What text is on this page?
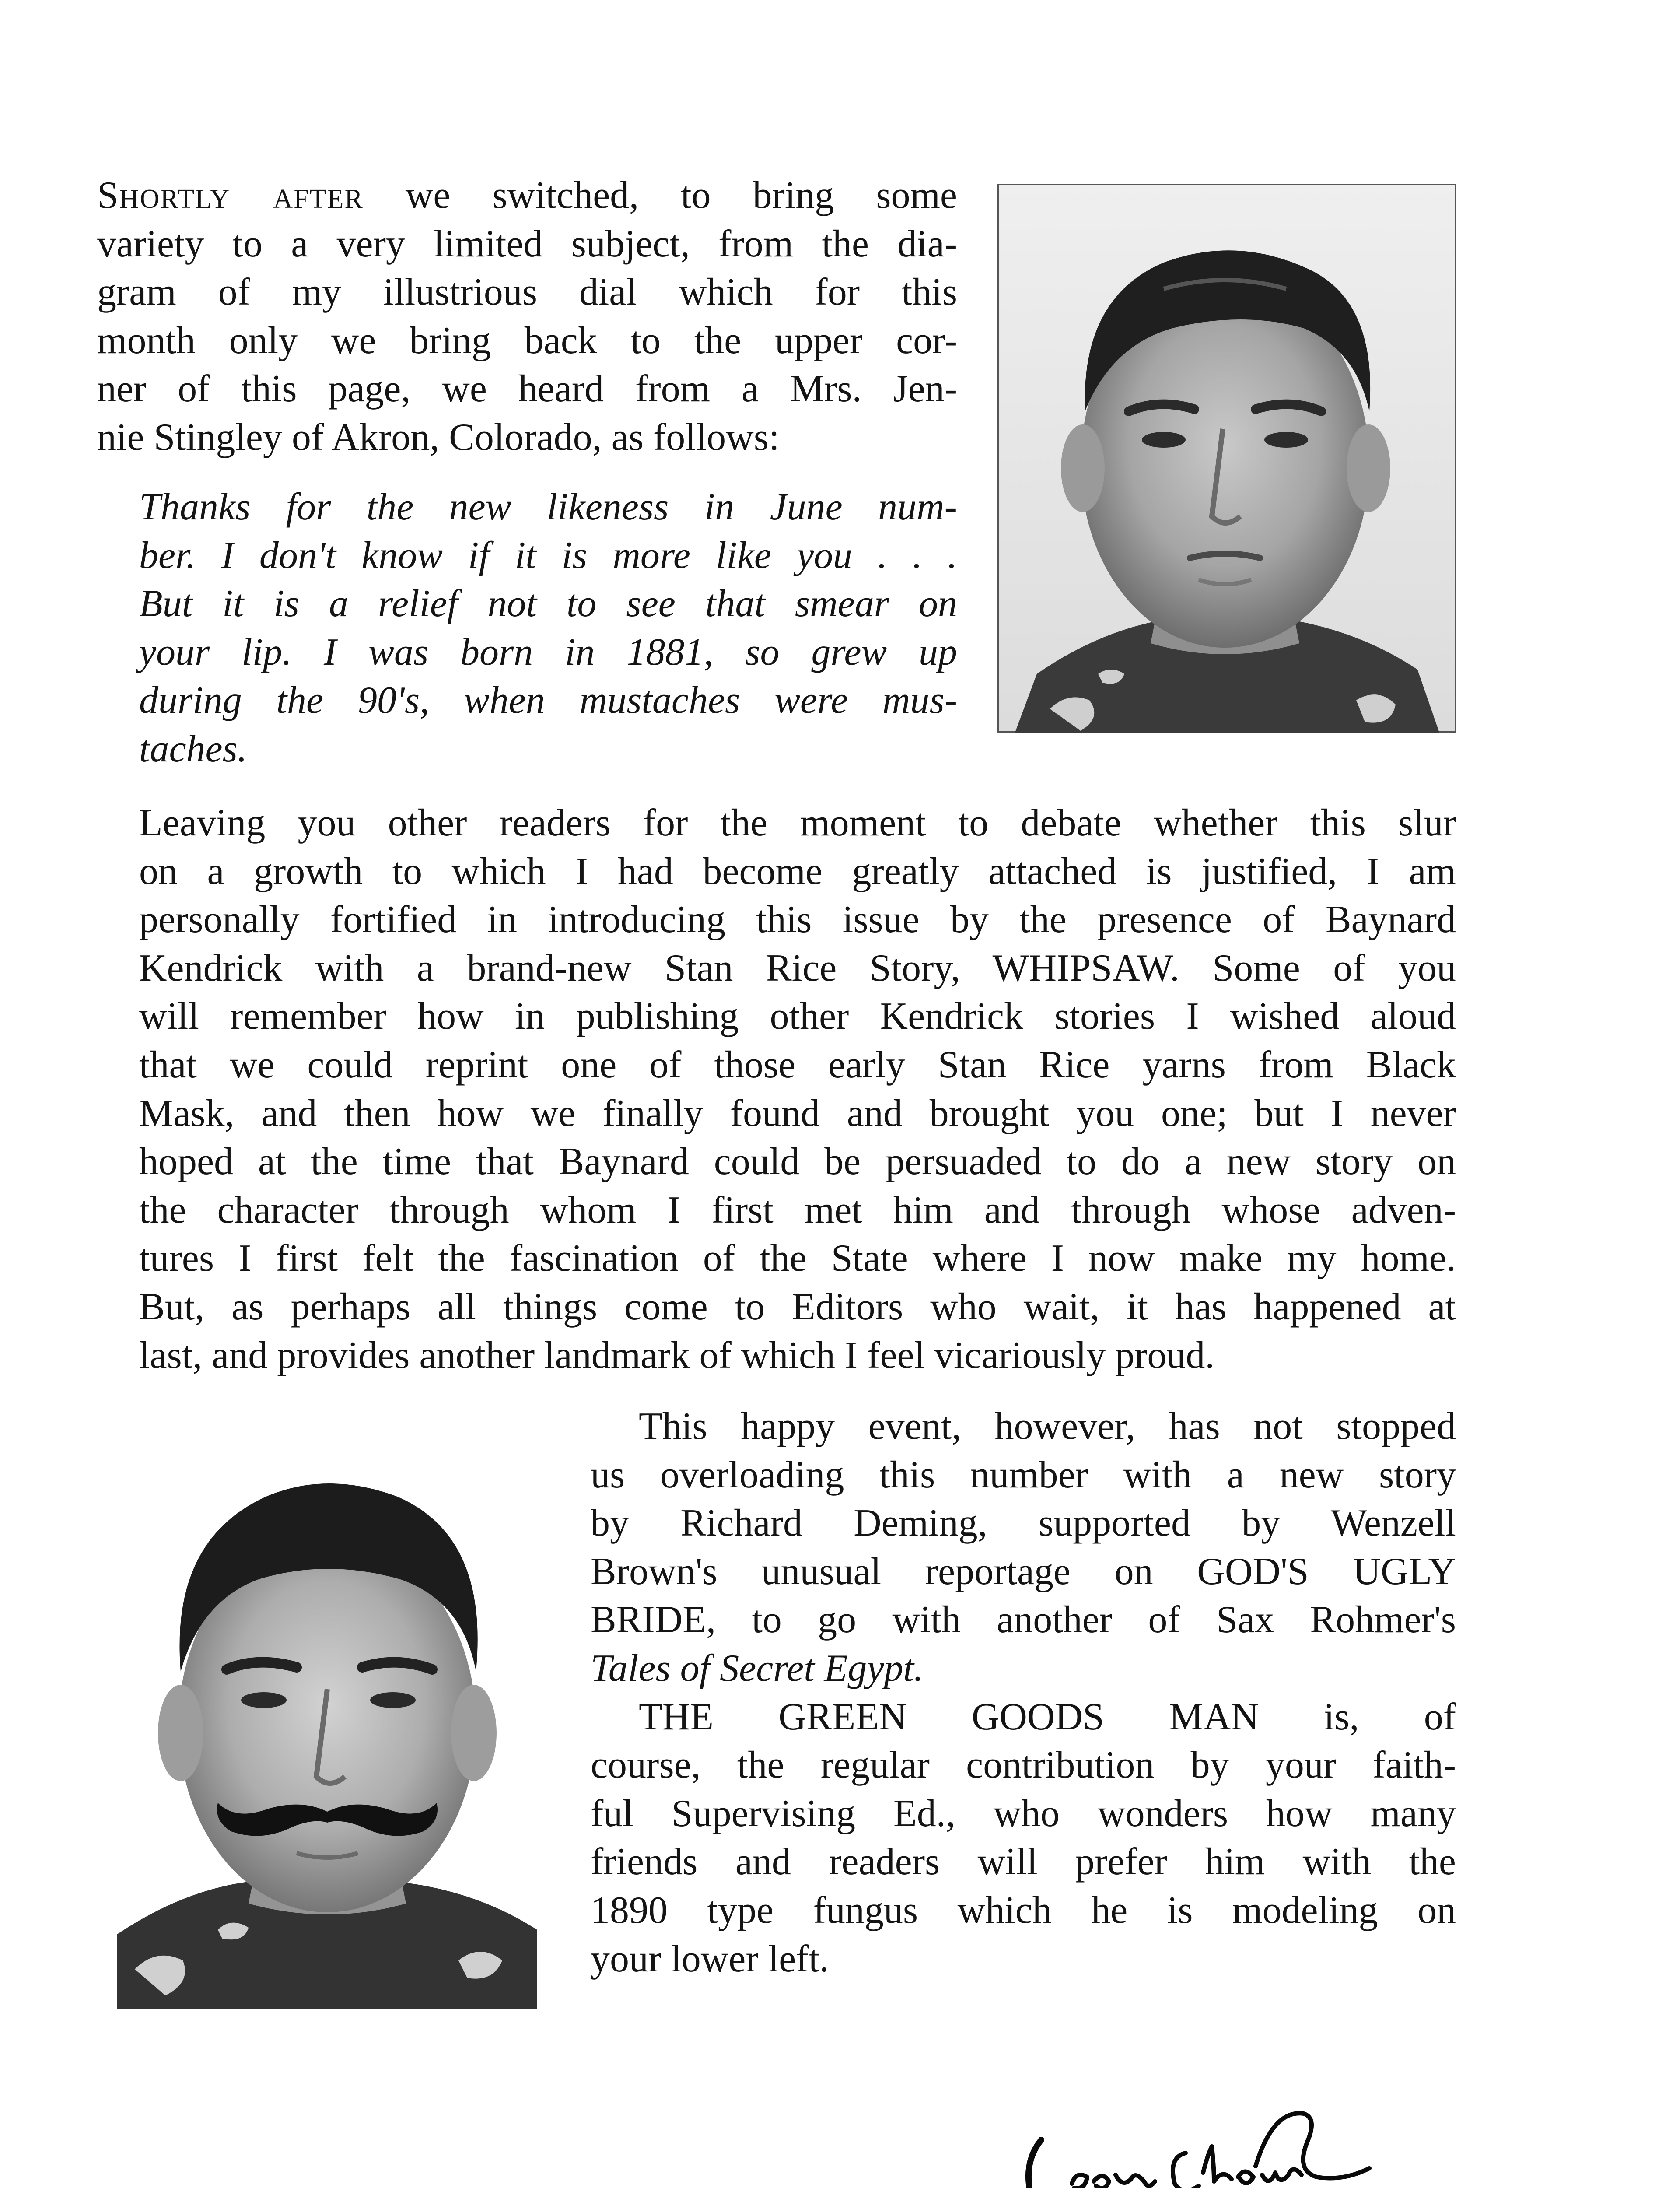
Shortly after we switched, to bring some
variety to a very limited subject, from the dia-
gram of my illustrious dial which for this
month only we bring back to the upper cor-
ner of this page, we heard from a Mrs. Jen-
nie Stingley of Akron, Colorado, as follows:
Thanks for the new likeness in June num-
ber. I don't know if it is more like you . . .
But it is a relief not to see that smear on
your lip. I was born in 1881, so grew up
during the 90's, when mustaches were mus-
taches.
Leaving you other readers for the moment to debate whether this slur
on a growth to which I had become greatly attached is justified, I am
personally fortified in introducing this issue by the presence of Baynard
Kendrick with a brand-new Stan Rice Story, WHIPSAW. Some of you
will remember how in publishing other Kendrick stories I wished aloud
that we could reprint one of those early Stan Rice yarns from Black
Mask, and then how we finally found and brought you one; but I never
hoped at the time that Baynard could be persuaded to do a new story on
the character through whom I first met him and through whose adven-
tures I first felt the fascination of the State where I now make my home.
But, as perhaps all things come to Editors who wait, it has happened at
last, and provides another landmark of which I feel vicariously proud.
This happy event, however, has not stopped
us overloading this number with a new story
by Richard Deming, supported by Wenzell
Brown's unusual reportage on GOD'S UGLY
BRIDE, to go with another of Sax Rohmer's
Tales of Secret Egypt.
THE GREEN GOODS MAN is, of
course, the regular contribution by your faith-
ful Supervising Ed., who wonders how many
friends and readers will prefer him with the
1890 type fungus which he is modeling on
your lower left.
